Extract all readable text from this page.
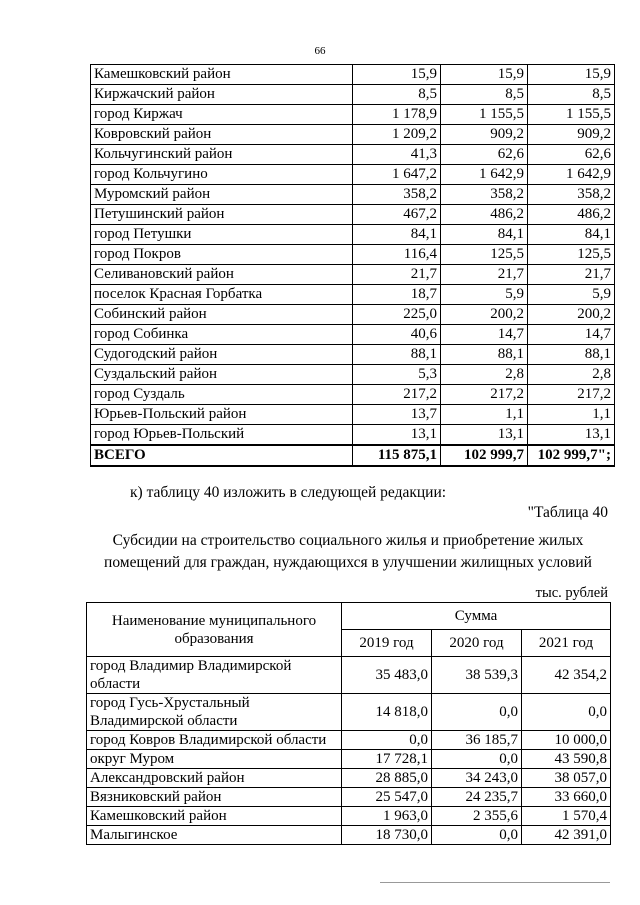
66
Камешковский район	15,9	15,9	15,9
Киржачский район	8,5	8,5	8,5
город Киржач	1 178,9	1 155,5	1 155,5
Ковровский район	1 209,2	909,2	909,2
Кольчугинский район	41,3	62,6	62,6
город Кольчугино	1 647,2	1 642,9	1 642,9
Муромский район	358,2	358,2	358,2
Петушинский район	467,2	486,2	486,2
город Петушки	84,1	84,1	84,1
город Покров	116,4	125,5	125,5
Селивановский район	21,7	21,7	21,7
поселок Красная Горбатка	18,7	5,9	5,9
Собинский район	225,0	200,2	200,2
город Собинка	40,6	14,7	14,7
Судогодский район	88,1	88,1	88,1
Суздальский район	5,3	2,8	2,8
город Суздаль	217,2	217,2	217,2
Юрьев-Польский район	13,7	1,1	1,1
город Юрьев-Польский	13,1	13,1	13,1
ВСЕГО	115 875,1	102 999,7	102 999,7";

к) таблицу 40 изложить в следующей редакции:

"Таблица 40

Субсидии на строительство социального жилья и приобретение жилых помещений для граждан, нуждающихся в улучшении жилищных условий

тыс. рублей

Наименование муниципального образования	Сумма		
	2019 год	2020 год	2021 год
город Владимир Владимирской области	35 483,0	38 539,3	42 354,2
город Гусь-Хрустальный Владимирской области	14 818,0	0,0	0,0
город Ковров Владимирской области	0,0	36 185,7	10 000,0
округ Муром	17 728,1	0,0	43 590,8
Александровский район	28 885,0	34 243,0	38 057,0
Вязниковский район	25 547,0	24 235,7	33 660,0
Камешковский район	1 963,0	2 355,6	1 570,4
Малыгинское	18 730,0	0,0	42 391,0
